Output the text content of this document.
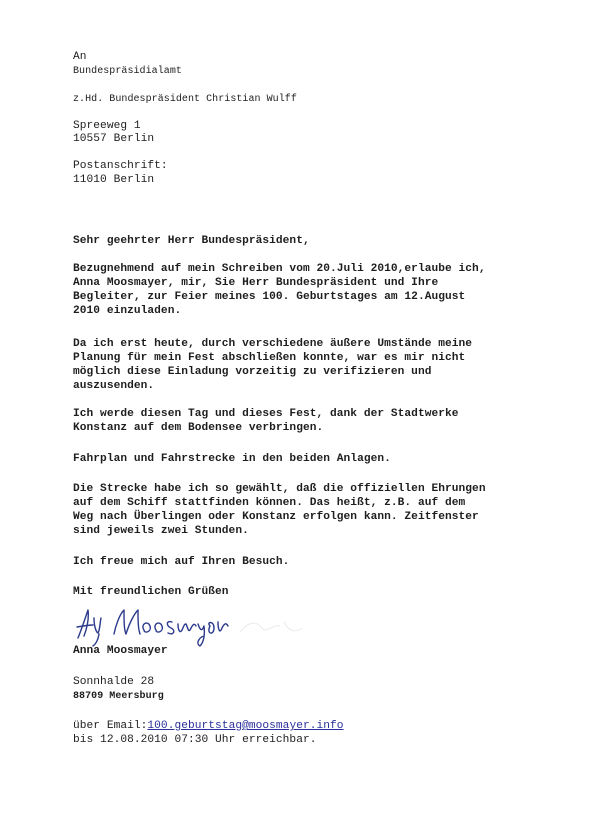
An
Bundespräsidialamt
z.Hd. Bundespräsident Christian Wulff
Spreeweg 1
10557 Berlin
Postanschrift:
11010 Berlin
Sehr geehrter Herr Bundespräsident,
Bezugnehmend auf mein Schreiben vom 20.Juli 2010,erlaube ich,
Anna Moosmayer, mir, Sie Herr Bundespräsident und Ihre
Begleiter, zur Feier meines 100. Geburtstages am 12.August
2010 einzuladen.
Da ich erst heute, durch verschiedene äußere Umstände meine
Planung für mein Fest abschließen konnte, war es mir nicht
möglich diese Einladung vorzeitig zu verifizieren und
auszusenden.
Ich werde diesen Tag und dieses Fest, dank der Stadtwerke
Konstanz auf dem Bodensee verbringen.
Fahrplan und Fahrstrecke in den beiden Anlagen.
Die Strecke habe ich so gewählt, daß die offiziellen Ehrungen
auf dem Schiff stattfinden können. Das heißt, z.B. auf dem
Weg nach Überlingen oder Konstanz erfolgen kann. Zeitfenster
sind jeweils zwei Stunden.
Ich freue mich auf Ihren Besuch.
Mit freundlichen Grüßen
Anna Moosmayer
Sonnhalde 28
88709 Meersburg
über Email:100.geburtstag@moosmayer.info
bis 12.08.2010 07:30 Uhr erreichbar.
